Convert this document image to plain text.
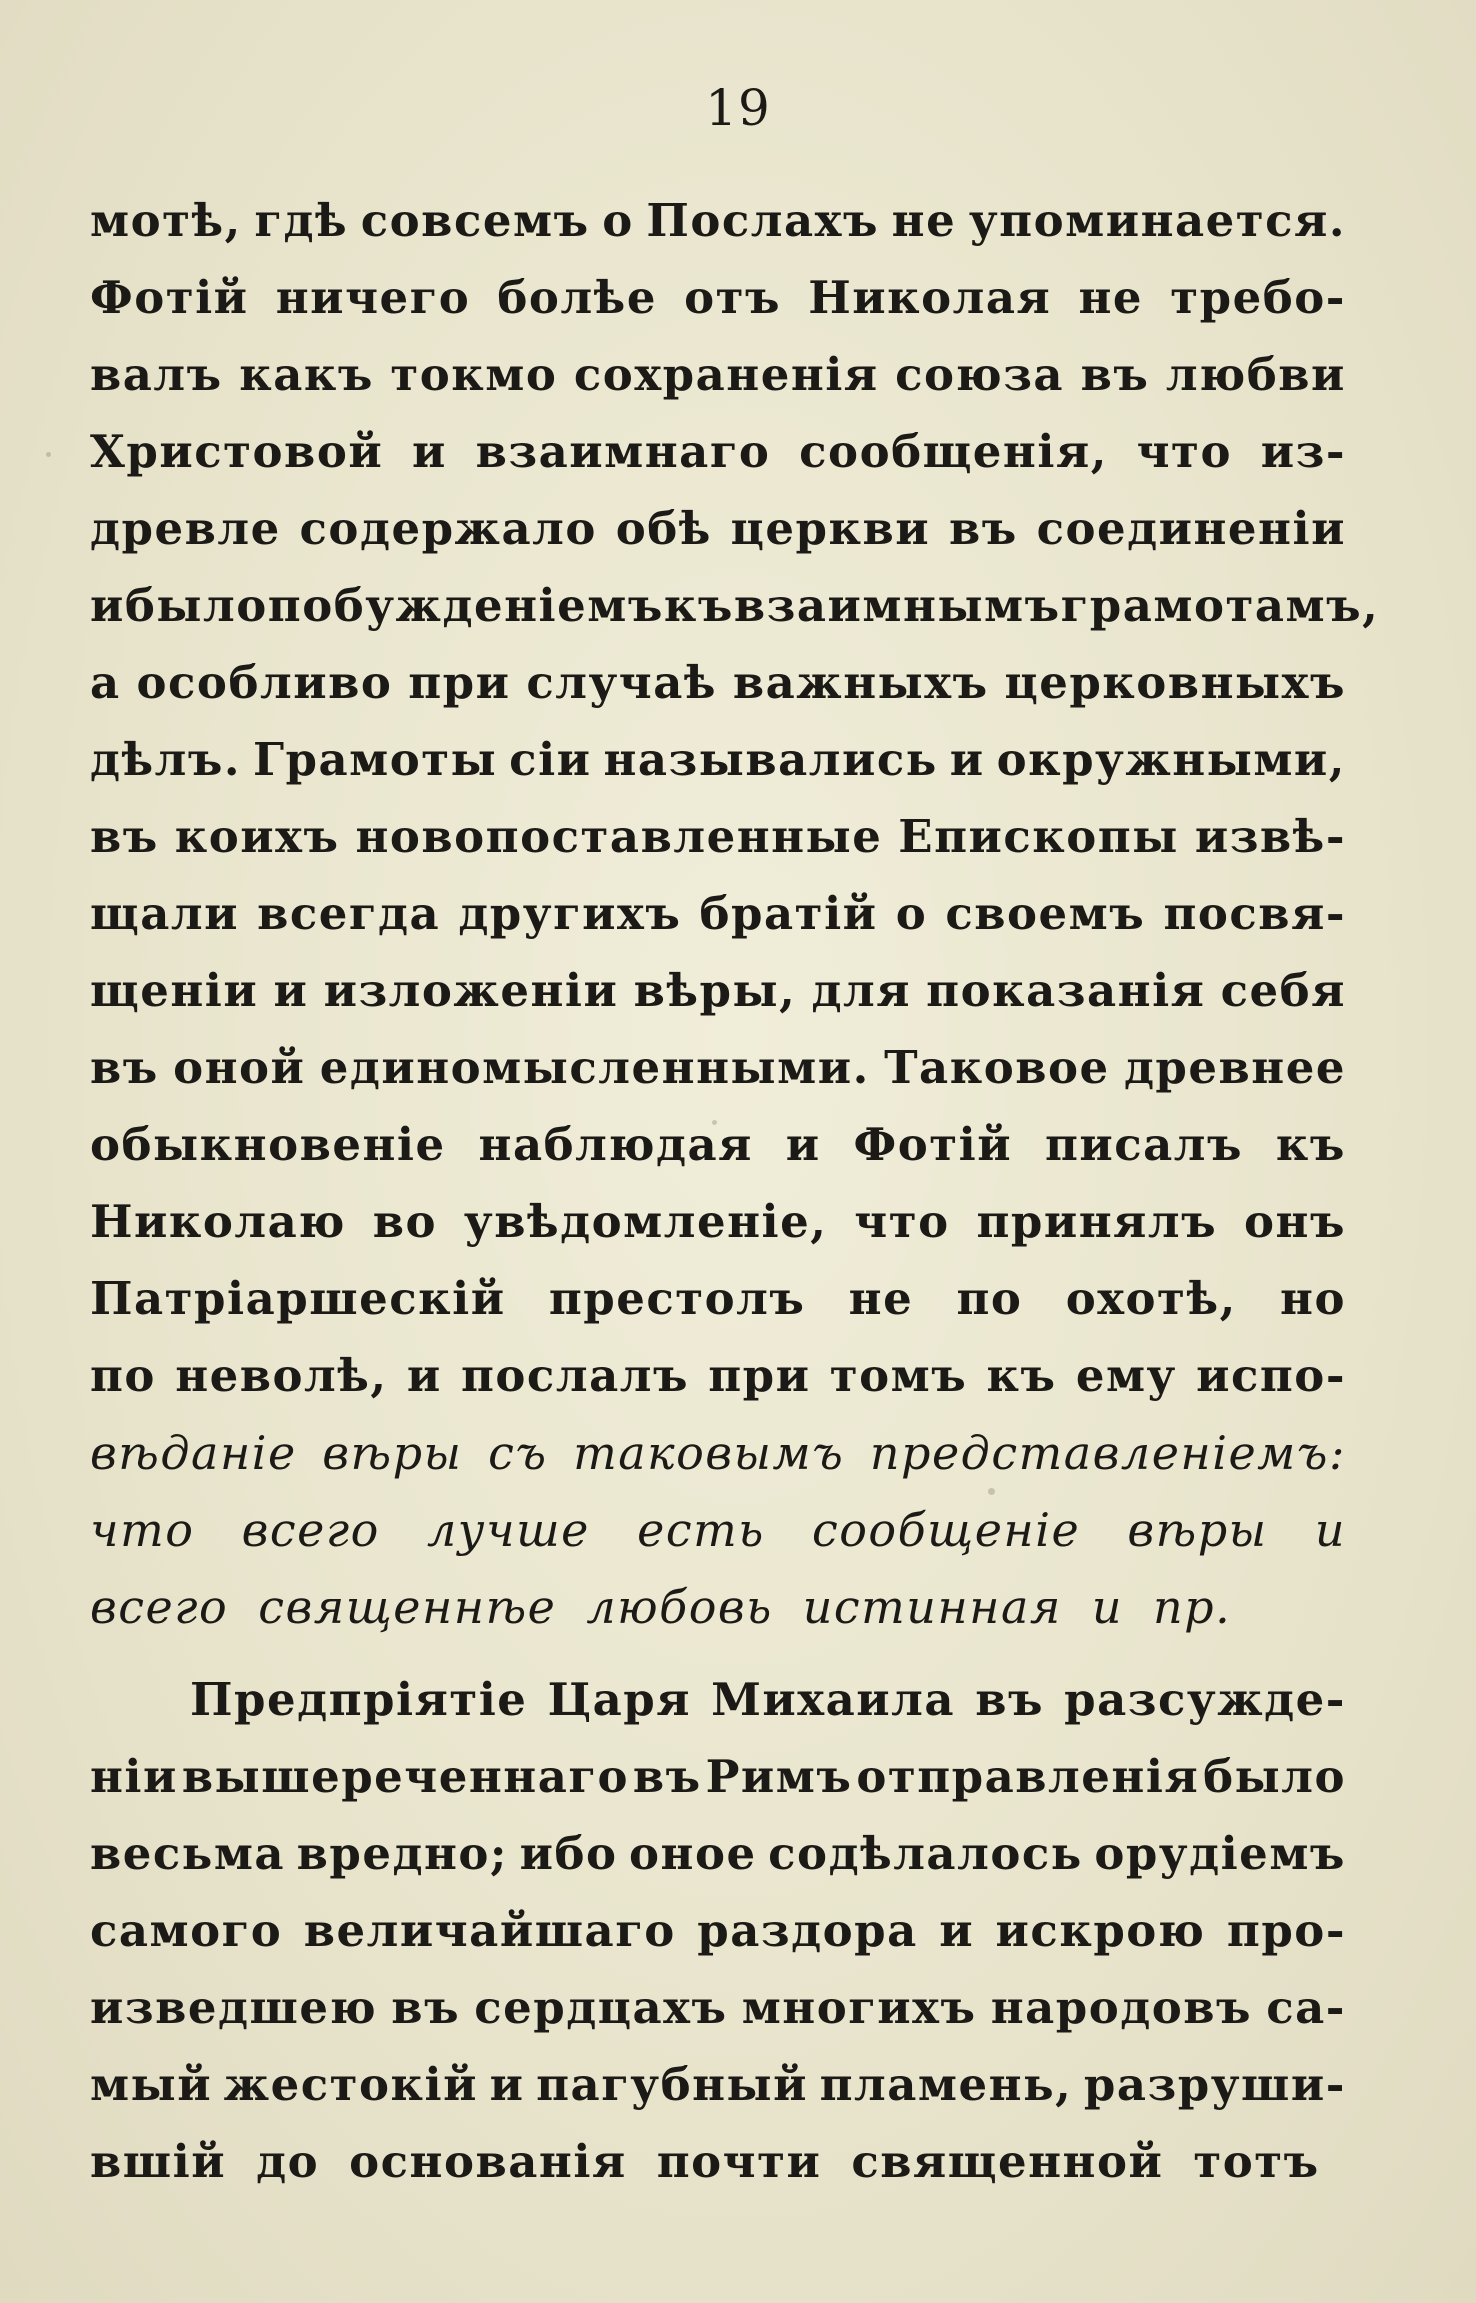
19
мотѣ, гдѣ совсемъ о Послахъ не упоминается.
Фотій ничего болѣе отъ Николая не требо-
валъ какъ токмо сохраненія союза въ любви
Христовой и взаимнаго сообщенія, что из-
древле содержало обѣ церкви въ соединеніи
и было побужденіемъ къ взаимнымъ грамотамъ,
а особливо при случаѣ важныхъ церковныхъ
дѣлъ. Грамоты сіи назывались и окружными,
въ коихъ новопоставленные Епископы извѣ-
щали всегда другихъ братій о своемъ посвя-
щеніи и изложеніи вѣры, для показанія себя
въ оной единомысленными. Таковое древнее
обыкновеніе наблюдая и Фотій писалъ къ
Николаю во увѣдомленіе, что принялъ онъ
Патріаршескій престолъ не по охотѣ, но
по неволѣ, и послалъ при томъ къ ему испо-
вѣданіе вѣры съ таковымъ представленіемъ:
что всего лучше есть сообщеніе вѣры и
всего священнѣе любовь истинная и пр.
Предпріятіе Царя Михаила въ разсужде-
ніи вышереченнаго въ Римъ отправленія было
весьма вредно; ибо оное содѣлалось орудіемъ
самого величайшаго раздора и искрою про-
изведшею въ сердцахъ многихъ народовъ са-
мый жестокій и пагубный пламень, разруши-
вшій до основанія почти священной тотъ
